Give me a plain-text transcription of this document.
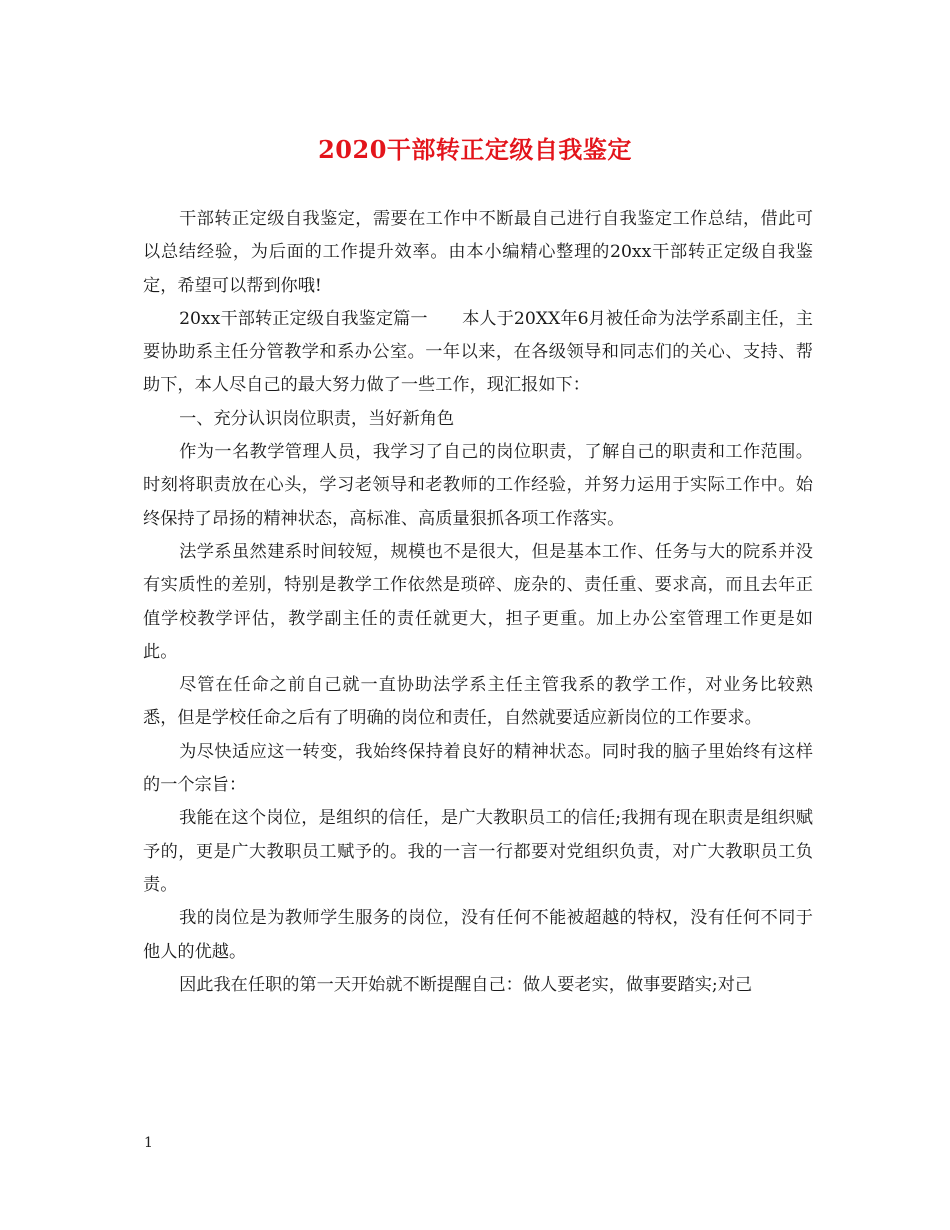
2020干部转正定级自我鉴定

干部转正定级自我鉴定，需要在工作中不断最自己进行自我鉴定工作总结，借此可以总结经验，为后面的工作提升效率。由本小编精心整理的20xx干部转正定级自我鉴定，希望可以帮到你哦!

20xx干部转正定级自我鉴定篇一　　本人于20XX年6月被任命为法学系副主任，主要协助系主任分管教学和系办公室。一年以来，在各级领导和同志们的关心、支持、帮助下，本人尽自己的最大努力做了一些工作，现汇报如下：

一、充分认识岗位职责，当好新角色

作为一名教学管理人员，我学习了自己的岗位职责，了解自己的职责和工作范围。时刻将职责放在心头，学习老领导和老教师的工作经验，并努力运用于实际工作中。始终保持了昂扬的精神状态，高标准、高质量狠抓各项工作落实。

法学系虽然建系时间较短，规模也不是很大，但是基本工作、任务与大的院系并没有实质性的差别，特别是教学工作依然是琐碎、庞杂的、责任重、要求高，而且去年正值学校教学评估，教学副主任的责任就更大，担子更重。加上办公室管理工作更是如此。

尽管在任命之前自己就一直协助法学系主任主管我系的教学工作，对业务比较熟悉，但是学校任命之后有了明确的岗位和责任，自然就要适应新岗位的工作要求。

为尽快适应这一转变，我始终保持着良好的精神状态。同时我的脑子里始终有这样的一个宗旨：

我能在这个岗位，是组织的信任，是广大教职员工的信任;我拥有现在职责是组织赋予的，更是广大教职员工赋予的。我的一言一行都要对党组织负责，对广大教职员工负责。

我的岗位是为教师学生服务的岗位，没有任何不能被超越的特权，没有任何不同于他人的优越。

因此我在任职的第一天开始就不断提醒自己：做人要老实，做事要踏实;对己

1
